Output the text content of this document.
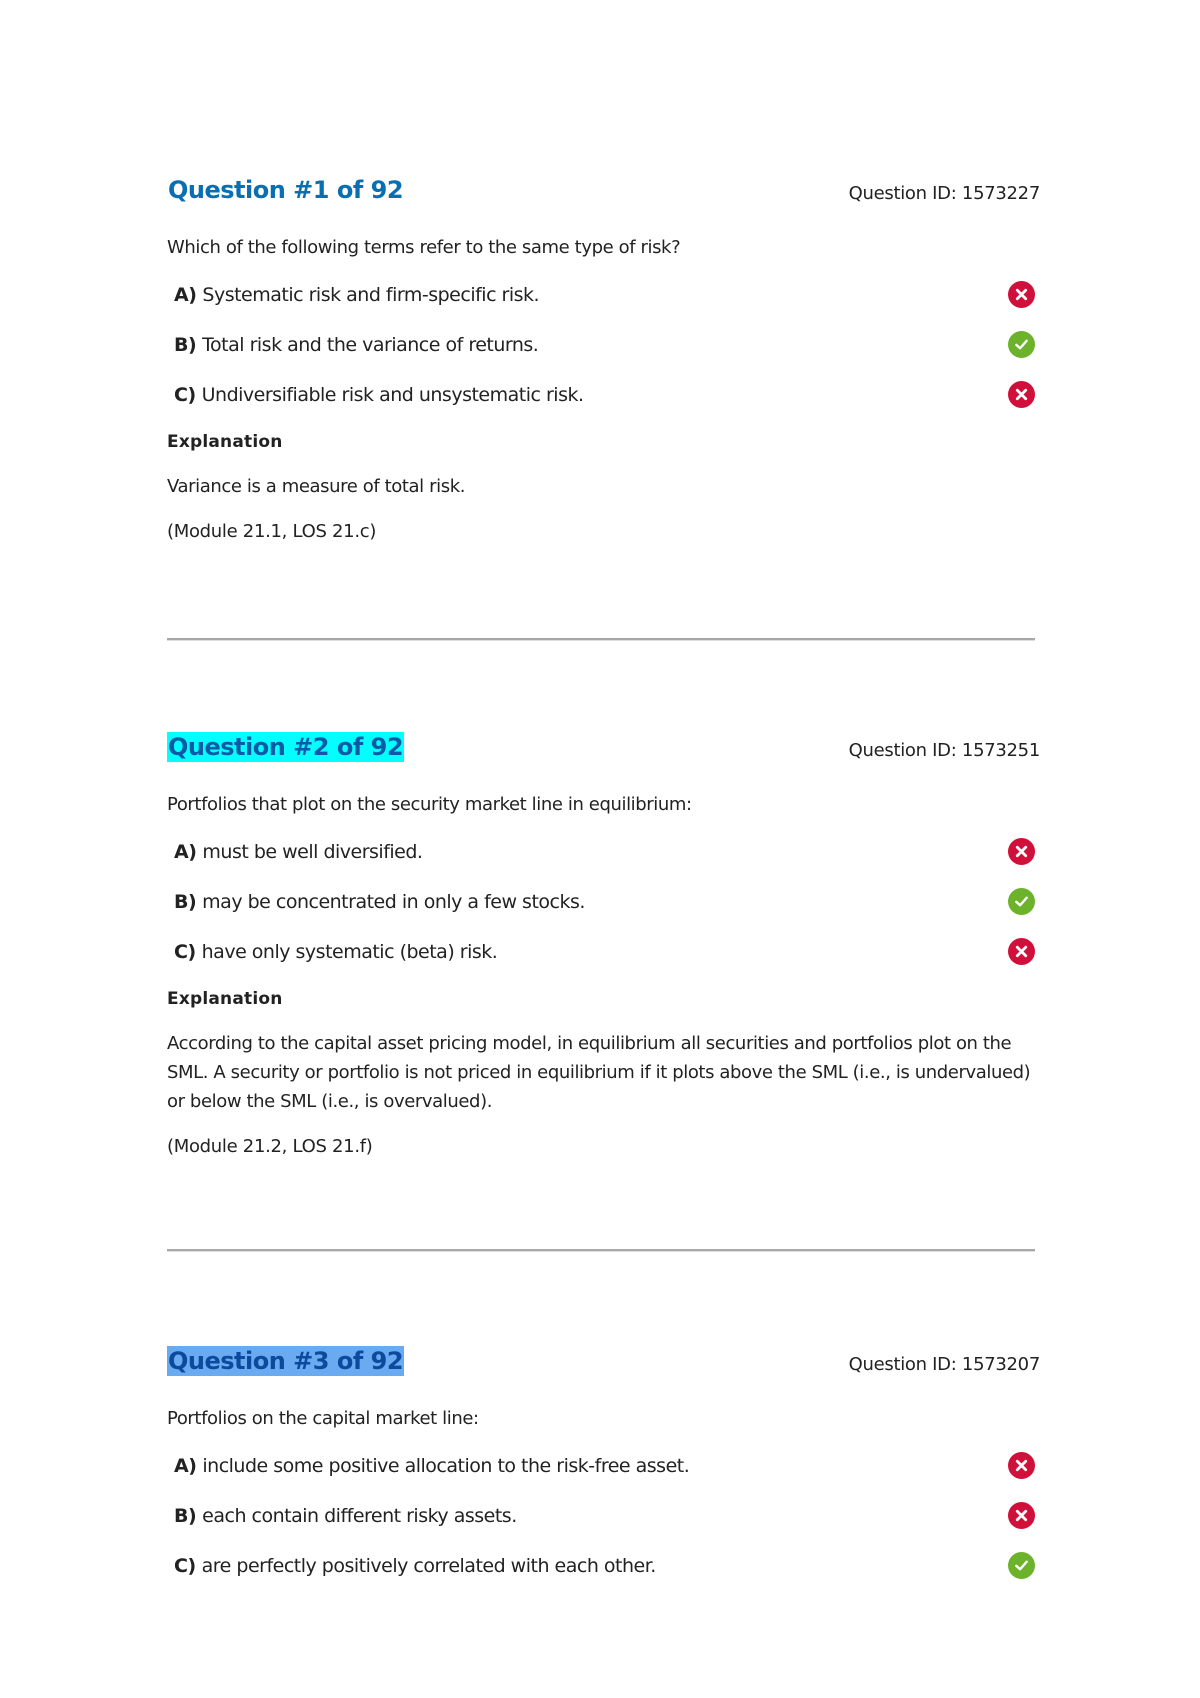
Question #1 of 92	Question ID: 1573227
Which of the following terms refer to the same type of risk?
A) Systematic risk and firm-specific risk.
B) Total risk and the variance of returns.
C) Undiversifiable risk and unsystematic risk.
Explanation
Variance is a measure of total risk.
(Module 21.1, LOS 21.c)
Question #2 of 92	Question ID: 1573251
Portfolios that plot on the security market line in equilibrium:
A) must be well diversified.
B) may be concentrated in only a few stocks.
C) have only systematic (beta) risk.
Explanation
According to the capital asset pricing model, in equilibrium all securities and portfolios plot on the SML. A security or portfolio is not priced in equilibrium if it plots above the SML (i.e., is undervalued) or below the SML (i.e., is overvalued).
(Module 21.2, LOS 21.f)
Question #3 of 92	Question ID: 1573207
Portfolios on the capital market line:
A) include some positive allocation to the risk-free asset.
B) each contain different risky assets.
C) are perfectly positively correlated with each other.
